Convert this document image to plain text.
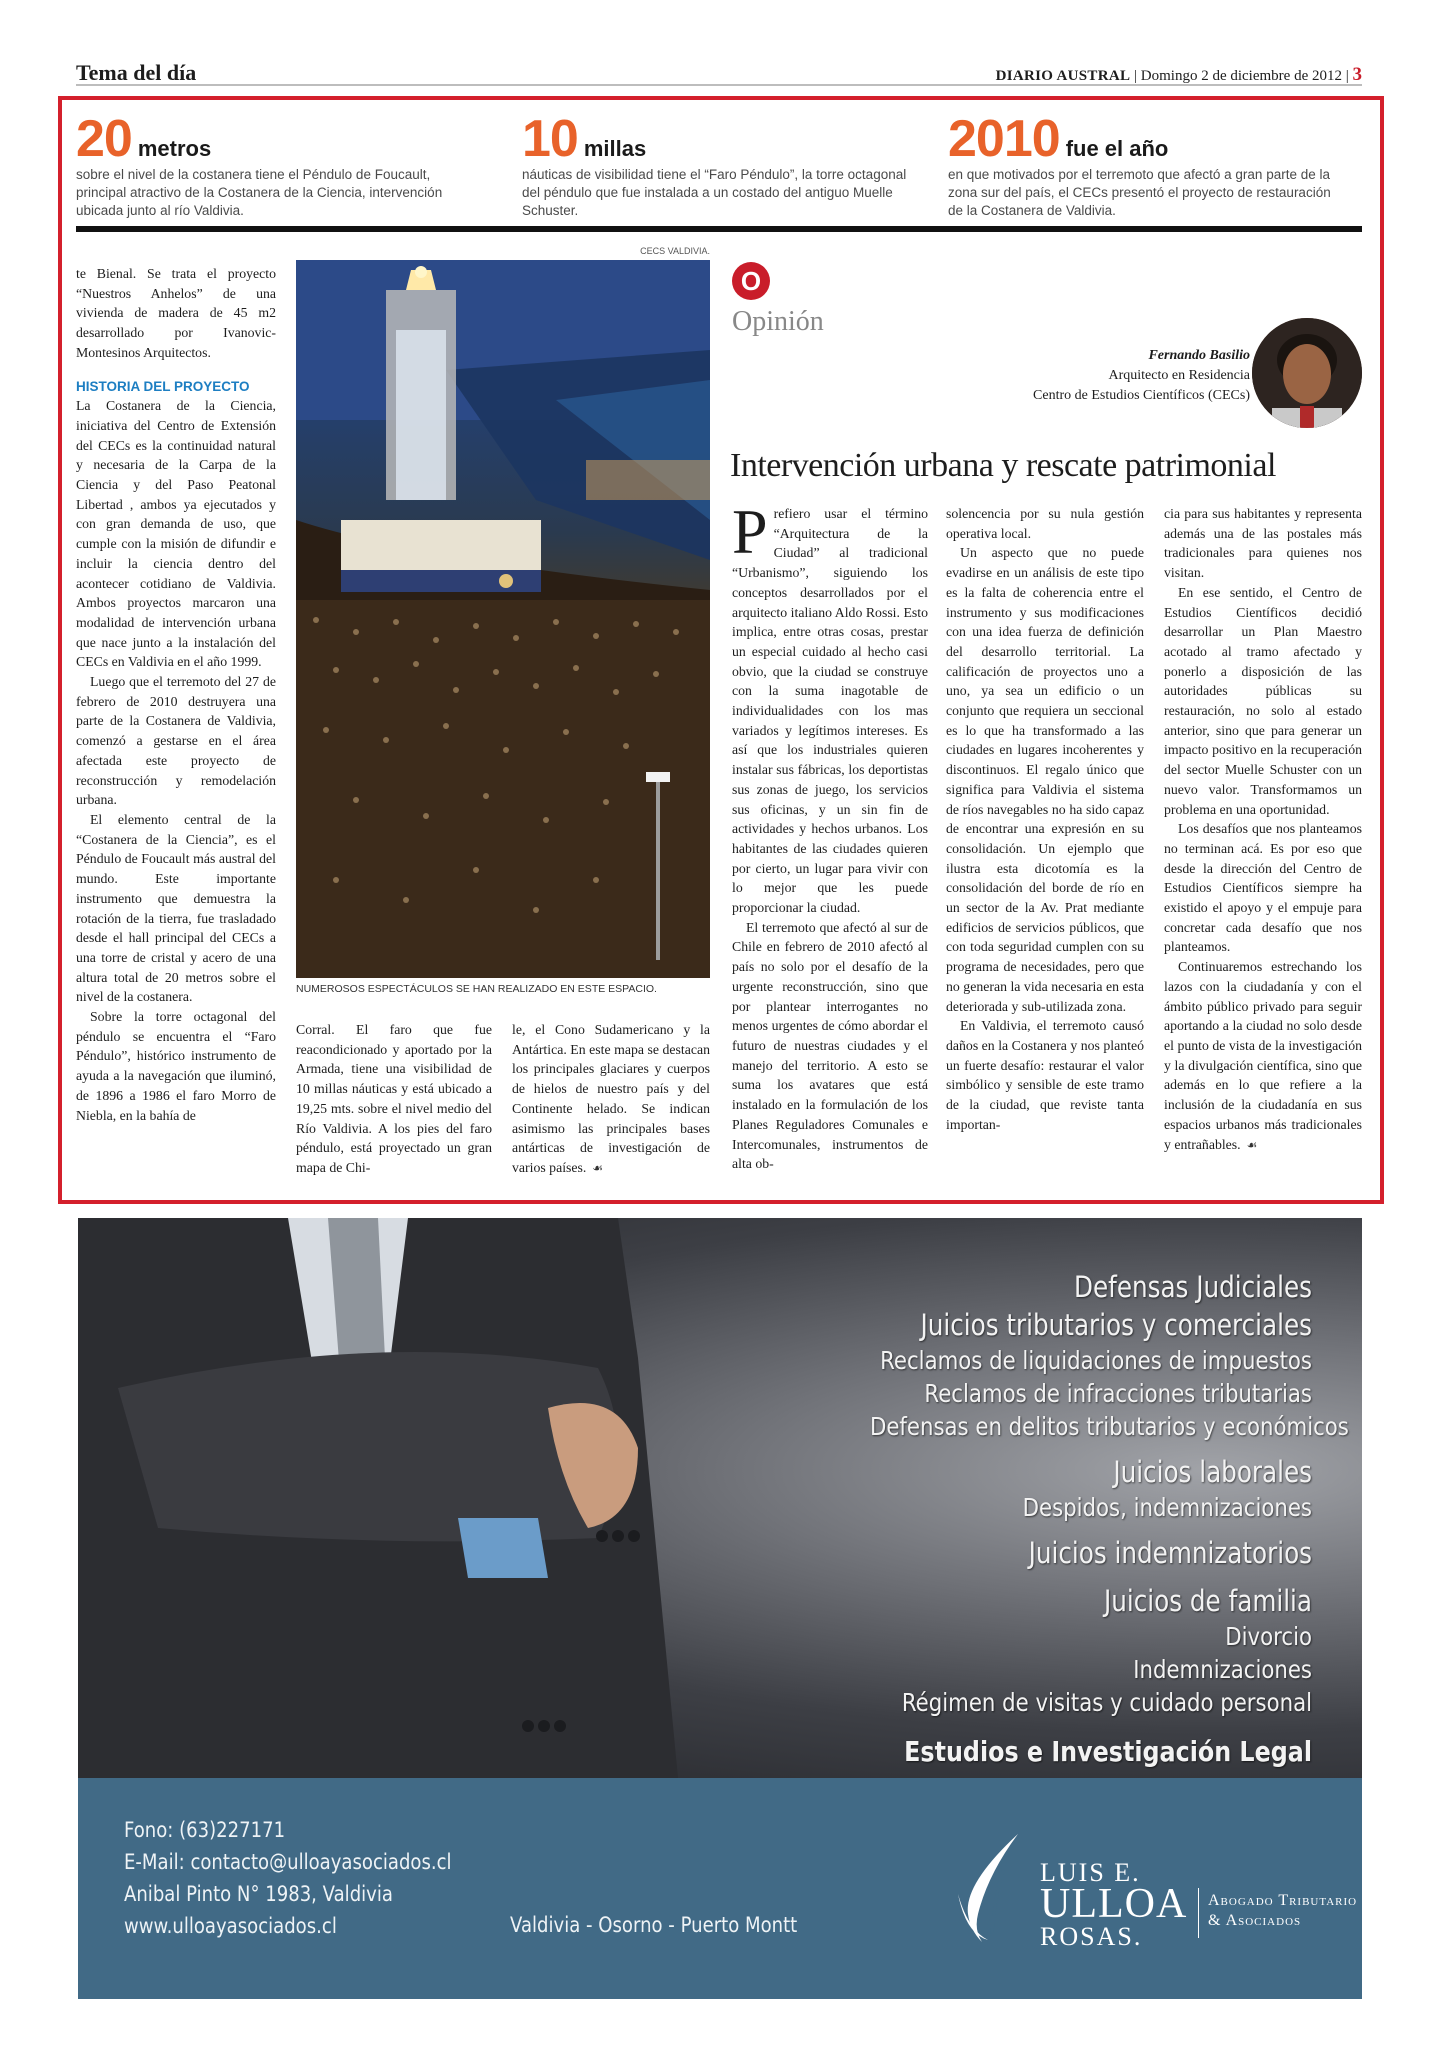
Tema del día	DIARIO AUSTRAL | Domingo 2 de diciembre de 2012 | 3
20 metros
sobre el nivel de la costanera tiene el Péndulo de Foucault, principal atractivo de la Costanera de la Ciencia, intervención ubicada junto al río Valdivia.
10 millas
náuticas de visibilidad tiene el “Faro Péndulo”, la torre octagonal del péndulo que fue instalada a un costado del antiguo Muelle Schuster.
2010 fue el año
en que motivados por el terremoto que afectó a gran parte de la zona sur del país, el CECs presentó el proyecto de restauración de la Costanera de Valdivia.

te Bienal. Se trata el proyecto “Nuestros Anhelos” de una vivienda de madera de 45 m2 desarrollado por Ivanovic-Montesinos Arquitectos.

HISTORIA DEL PROYECTO

La Costanera de la Ciencia, iniciativa del Centro de Extensión del CECs es la continuidad natural y necesaria de la Carpa de la Ciencia y del Paso Peatonal Libertad , ambos ya ejecutados y con gran demanda de uso, que cumple con la misión de difundir e incluir la ciencia dentro del acontecer cotidiano de Valdivia. Ambos proyectos marcaron una modalidad de intervención urbana que nace junto a la instalación del CECs en Valdivia en el año 1999.

Luego que el terremoto del 27 de febrero de 2010 destruyera una parte de la Costanera de Valdivia, comenzó a gestarse en el área afectada este proyecto de reconstrucción y remodelación urbana.

El elemento central de la “Costanera de la Ciencia”, es el Péndulo de Foucault más austral del mundo. Este importante instrumento que demuestra la rotación de la tierra, fue trasladado desde el hall principal del CECs a una torre de cristal y acero de una altura total de 20 metros sobre el nivel de la costanera.

Sobre la torre octagonal del péndulo se encuentra el “Faro Péndulo”, histórico instrumento de ayuda a la navegación que iluminó, de 1896 a 1986 el faro Morro de Niebla, en la bahía de

CECS VALDIVIA.
NUMEROSOS ESPECTÁCULOS SE HAN REALIZADO EN ESTE ESPACIO.

Corral. El faro que fue reacondicionado y aportado por la Armada, tiene una visibilidad de 10 millas náuticas y está ubicado a 19,25 mts. sobre el nivel medio del Río Valdivia. A los pies del faro péndulo, está proyectado un gran mapa de Chi-

le, el Cono Sudamericano y la Antártica. En este mapa se destacan los principales glaciares y cuerpos de hielos de nuestro país y del Continente helado. Se indican asimismo las principales bases antárticas de investigación de varios países. ☙

O
Opinión
Fernando Basilio
Arquitecto en Residencia
Centro de Estudios Científicos (CECs)
Intervención urbana y rescate patrimonial

Prefiero usar el término “Arquitectura de la Ciudad” al tradicional “Urbanismo”, siguiendo los conceptos desarrollados por el arquitecto italiano Aldo Rossi. Esto implica, entre otras cosas, prestar un especial cuidado al hecho casi obvio, que la ciudad se construye con la suma inagotable de individualidades con los mas variados y legítimos intereses. Es así que los industriales quieren instalar sus fábricas, los deportistas sus zonas de juego, los servicios sus oficinas, y un sin fin de actividades y hechos urbanos. Los habitantes de las ciudades quieren por cierto, un lugar para vivir con lo mejor que les puede proporcionar la ciudad.

El terremoto que afectó al sur de Chile en febrero de 2010 afectó al país no solo por el desafío de la urgente reconstrucción, sino que por plantear interrogantes no menos urgentes de cómo abordar el futuro de nuestras ciudades y el manejo del territorio. A esto se suma los avatares que está instalado en la formulación de los Planes Reguladores Comunales e Intercomunales, instrumentos de alta ob-

solencencia por su nula gestión operativa local.

Un aspecto que no puede evadirse en un análisis de este tipo es la falta de coherencia entre el instrumento y sus modificaciones con una idea fuerza de definición del desarrollo territorial. La calificación de proyectos uno a uno, ya sea un edificio o un conjunto que requiera un seccional es lo que ha transformado a las ciudades en lugares incoherentes y discontinuos. El regalo único que significa para Valdivia el sistema de ríos navegables no ha sido capaz de encontrar una expresión en su consolidación. Un ejemplo que ilustra esta dicotomía es la consolidación del borde de río en un sector de la Av. Prat mediante edificios de servicios públicos, que con toda seguridad cumplen con su programa de necesidades, pero que no generan la vida necesaria en esta deteriorada y sub-utilizada zona.

En Valdivia, el terremoto causó daños en la Costanera y nos planteó un fuerte desafío: restaurar el valor simbólico y sensible de este tramo de la ciudad, que reviste tanta importan-

cia para sus habitantes y representa además una de las postales más tradicionales para quienes nos visitan.

En ese sentido, el Centro de Estudios Científicos decidió desarrollar un Plan Maestro acotado al tramo afectado y ponerlo a disposición de las autoridades públicas su restauración, no solo al estado anterior, sino que para generar un impacto positivo en la recuperación del sector Muelle Schuster con un nuevo valor. Transformamos un problema en una oportunidad.

Los desafíos que nos planteamos no terminan acá. Es por eso que desde la dirección del Centro de Estudios Científicos siempre ha existido el apoyo y el empuje para concretar cada desafío que nos planteamos.

Continuaremos estrechando los lazos con la ciudadanía y con el ámbito público privado para seguir aportando a la ciudad no solo desde el punto de vista de la investigación y la divulgación científica, sino que además en lo que refiere a la inclusión de la ciudadanía en sus espacios urbanos más tradicionales y entrañables. ☙

Defensas Judiciales
Juicios tributarios y comerciales
Reclamos de liquidaciones de impuestos
Reclamos de infracciones tributarias
Defensas en delitos tributarios y económicos
Juicios laborales
Despidos, indemnizaciones
Juicios indemnizatorios
Juicios de familia
Divorcio
Indemnizaciones
Régimen de visitas y cuidado personal
Estudios e Investigación Legal
Fono: (63)227171
E-Mail: contacto@ulloayasociados.cl
Anibal Pinto N° 1983, Valdivia
www.ulloayasociados.cl	Valdivia - Osorno - Puerto Montt
LUIS E.
ULLOA
ROSAS.
Abogado Tributario
& Asociados
